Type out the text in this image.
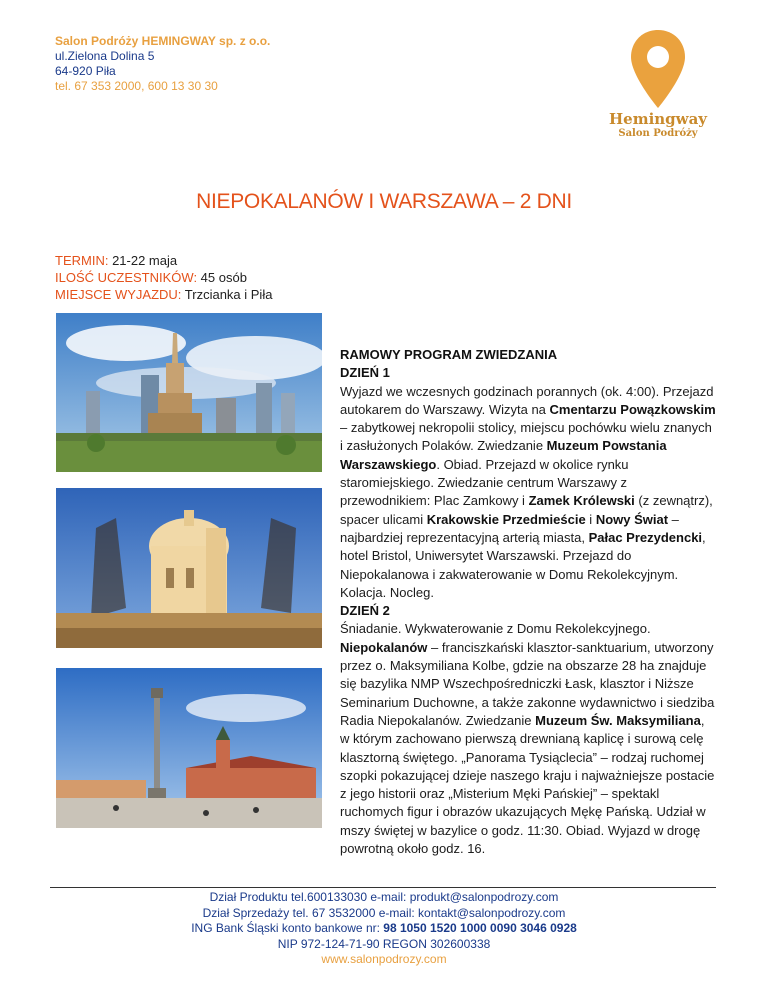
Salon Podróży HEMINGWAY sp. z o.o.
ul.Zielona Dolina 5
64-920 Piła
tel. 67 353 2000, 600 13 30 30
Hemingway
Salon Podróży
NIEPOKALANÓW I WARSZAWA – 2 DNI
TERMIN: 21-22 maja
ILOŚĆ UCZESTNIKÓW: 45 osób
MIEJSCE WYJAZDU: Trzcianka i Piła

RAMOWY PROGRAM ZWIEDZANIA

DZIEŃ 1

Wyjazd we wczesnych godzinach porannych (ok. 4:00). Przejazd autokarem do Warszawy. Wizyta na Cmentarzu Powązkowskim – zabytkowej nekropolii stolicy, miejscu pochówku wielu znanych i zasłużonych Polaków. Zwiedzanie Muzeum Powstania Warszawskiego. Obiad. Przejazd w okolice rynku staromiejskiego. Zwiedzanie centrum Warszawy z przewodnikiem: Plac Zamkowy i Zamek Królewski (z zewnątrz), spacer ulicami Krakowskie Przedmieście i Nowy Świat – najbardziej reprezentacyjną arterią miasta, Pałac Prezydencki, hotel Bristol, Uniwersytet Warszawski. Przejazd do Niepokalanowa i zakwaterowanie w Domu Rekolekcyjnym. Kolacja. Nocleg.

DZIEŃ 2

Śniadanie. Wykwaterowanie z Domu Rekolekcyjnego. Niepokalanów – franciszkański klasztor-sanktuarium, utworzony przez o. Maksymiliana Kolbe, gdzie na obszarze 28 ha znajduje się bazylika NMP Wszechpośredniczki Łask, klasztor i Niższe Seminarium Duchowne, a także zakonne wydawnictwo i siedziba Radia Niepokalanów. Zwiedzanie Muzeum Św. Maksymiliana, w którym zachowano pierwszą drewnianą kaplicę i surową celę klasztorną świętego. „Panorama Tysiąclecia” – rodzaj ruchomej szopki pokazującej dzieje naszego kraju i najważniejsze postacie z jego historii oraz „Misterium Męki Pańskiej” – spektakl ruchomych figur i obrazów ukazujących Mękę Pańską. Udział w mszy świętej w bazylice o godz. 11:30. Obiad. Wyjazd w drogę powrotną około godz. 16.

Dział Produktu tel.600133030 e-mail: produkt@salonpodrozy.com
Dział Sprzedaży tel. 67 3532000 e-mail: kontakt@salonpodrozy.com
ING Bank Śląski konto bankowe nr: 98 1050 1520 1000 0090 3046 0928
NIP 972-124-71-90 REGON 302600338
www.salonpodrozy.com
